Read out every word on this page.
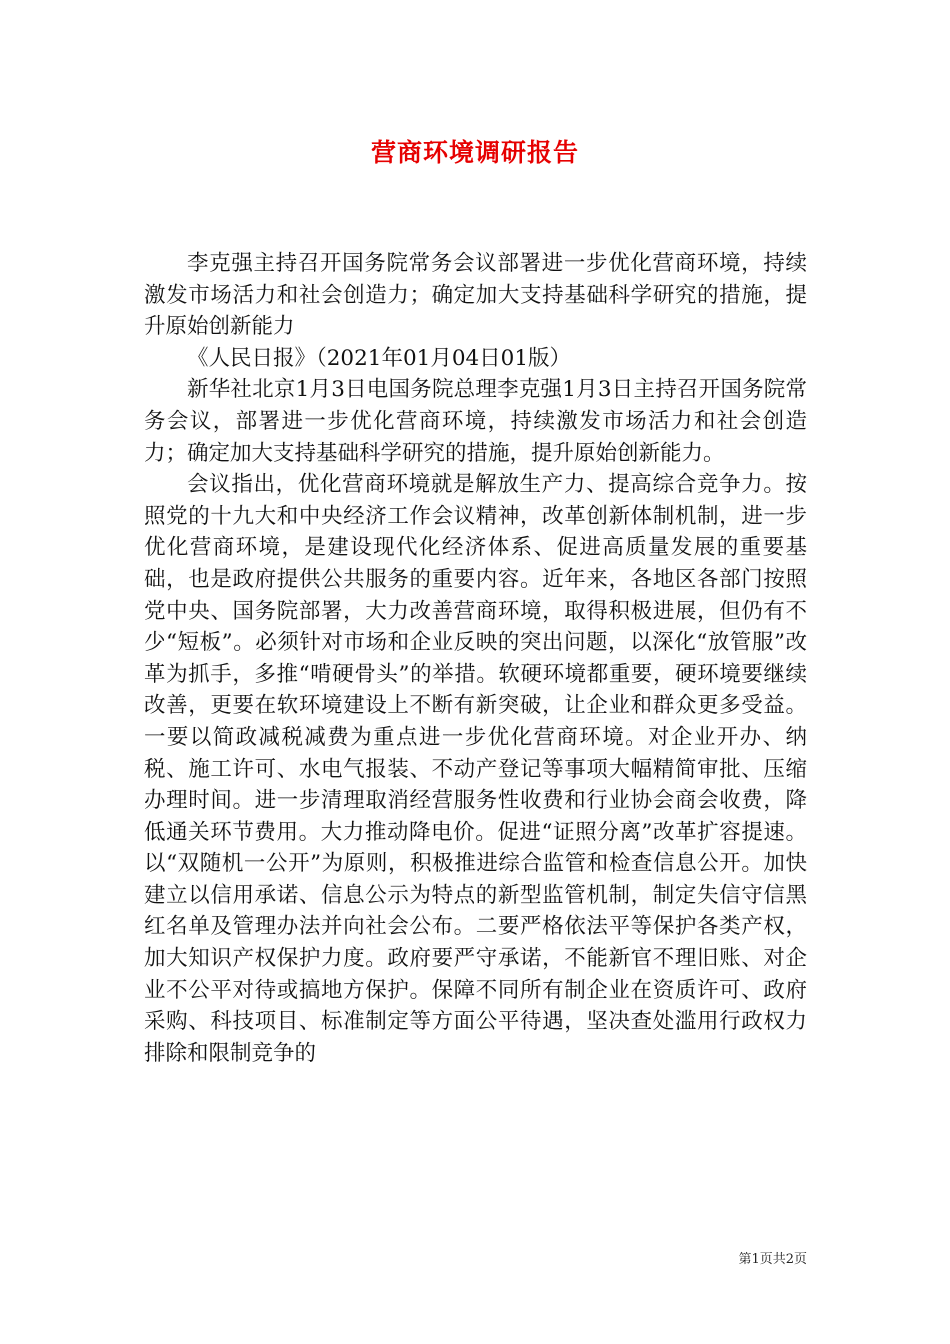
营商环境调研报告

李克强主持召开国务院常务会议部署进一步优化营商环境，持续激发市场活力和社会创造力；确定加大支持基础科学研究的措施，提升原始创新能力

《人民日报》（2021年01月04日01版）

新华社北京1月3日电国务院总理李克强1月3日主持召开国务院常务会议，部署进一步优化营商环境，持续激发市场活力和社会创造力；确定加大支持基础科学研究的措施，提升原始创新能力。

会议指出，优化营商环境就是解放生产力、提高综合竞争力。按照党的十九大和中央经济工作会议精神，改革创新体制机制，进一步优化营商环境，是建设现代化经济体系、促进高质量发展的重要基础，也是政府提供公共服务的重要内容。近年来，各地区各部门按照党中央、国务院部署，大力改善营商环境，取得积极进展，但仍有不少“短板”。必须针对市场和企业反映的突出问题，以深化“放管服”改革为抓手，多推“啃硬骨头”的举措。软硬环境都重要，硬环境要继续改善，更要在软环境建设上不断有新突破，让企业和群众更多受益。一要以简政减税减费为重点进一步优化营商环境。对企业开办、纳税、施工许可、水电气报装、不动产登记等事项大幅精简审批、压缩办理时间。进一步清理取消经营服务性收费和行业协会商会收费，降低通关环节费用。大力推动降电价。促进“证照分离”改革扩容提速。以“双随机一公开”为原则，积极推进综合监管和检查信息公开。加快建立以信用承诺、信息公示为特点的新型监管机制，制定失信守信黑红名单及管理办法并向社会公布。二要严格依法平等保护各类产权，加大知识产权保护力度。政府要严守承诺，不能新官不理旧账、对企业不公平对待或搞地方保护。保障不同所有制企业在资质许可、政府采购、科技项目、标准制定等方面公平待遇，坚决查处滥用行政权力排除和限制竞争的

第1页共2页
